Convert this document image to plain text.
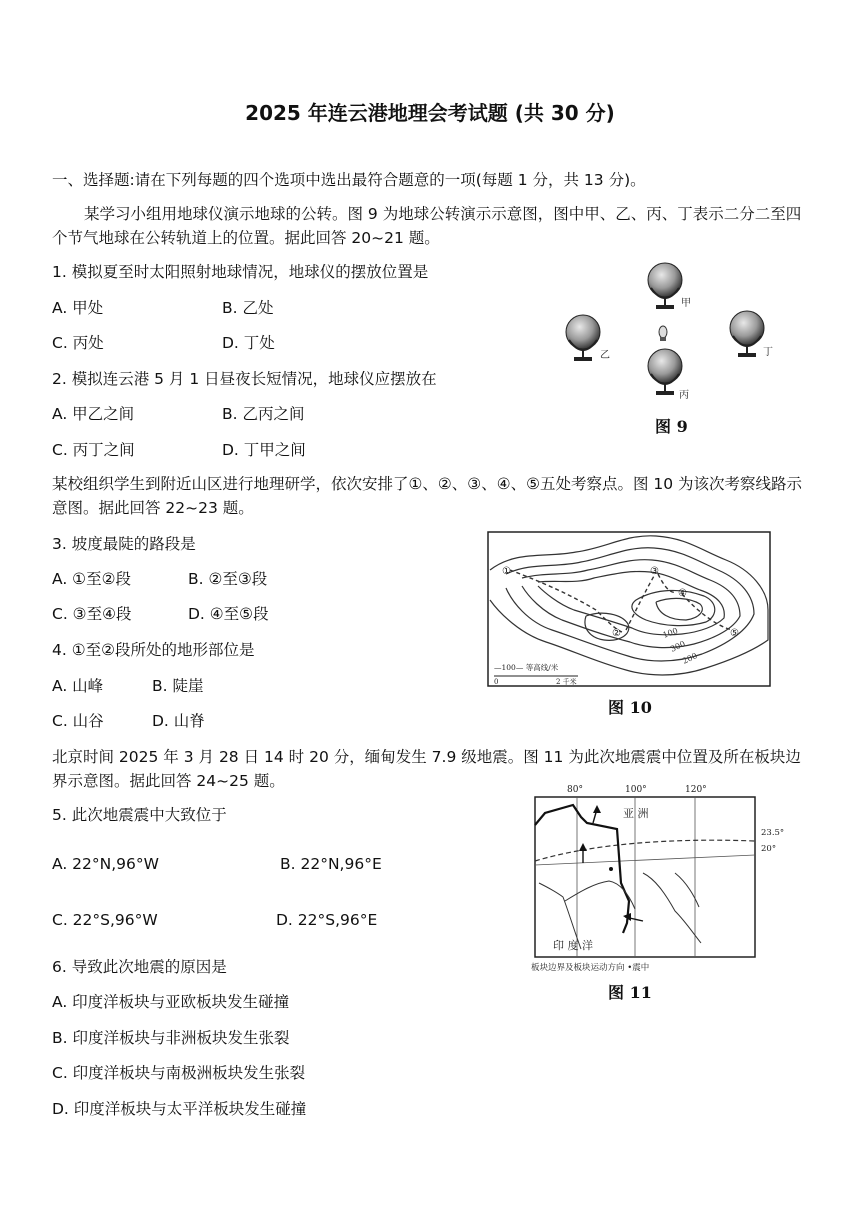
2025 年连云港地理会考试题 (共 30 分)
一、选择题:请在下列每题的四个选项中选出最符合题意的一项(每题 1 分，共 13 分)。
某学习小组用地球仪演示地球的公转。图 9 为地球公转演示示意图，图中甲、乙、丙、丁表示二分二至四个节气地球在公转轨道上的位置。据此回答 20~21 题。
1. 模拟夏至时太阳照射地球情况，地球仪的摆放位置是
A. 甲处	B. 乙处
C. 丙处	D. 丁处
2. 模拟连云港 5 月 1 日昼夜长短情况，地球仪应摆放在
A. 甲乙之间	B. 乙丙之间
C. 丙丁之间	D. 丁甲之间
甲
乙	丁
丙
图 9
某校组织学生到附近山区进行地理研学，依次安排了①、②、③、④、⑤五处考察点。图 10 为该次考察线路示意图。据此回答 22~23 题。
3. 坡度最陡的路段是
A. ①至②段	B. ②至③段
C. ③至④段	D. ④至⑤段
4. ①至②段所处的地形部位是
A. 山峰	B. 陡崖
C. 山谷	D. 山脊
①
②
③
④
⑤
100
300
200
—100— 等高线/米
0	2 千米
图 10
北京时间 2025 年 3 月 28 日 14 时 20 分，缅甸发生 7.9 级地震。图 11 为此次地震震中位置及所在板块边界示意图。据此回答 24~25 题。
5. 此次地震震中大致位于
A. 22°N,96°W	B. 22°N,96°E
C. 22°S,96°W	D. 22°S,96°E
80°	100°	120°
23.5°
20°
亚 洲
印 度 洋
板块边界及板块运动方向 •震中
图 11
6. 导致此次地震的原因是
A. 印度洋板块与亚欧板块发生碰撞
B. 印度洋板块与非洲板块发生张裂
C. 印度洋板块与南极洲板块发生张裂
D. 印度洋板块与太平洋板块发生碰撞
